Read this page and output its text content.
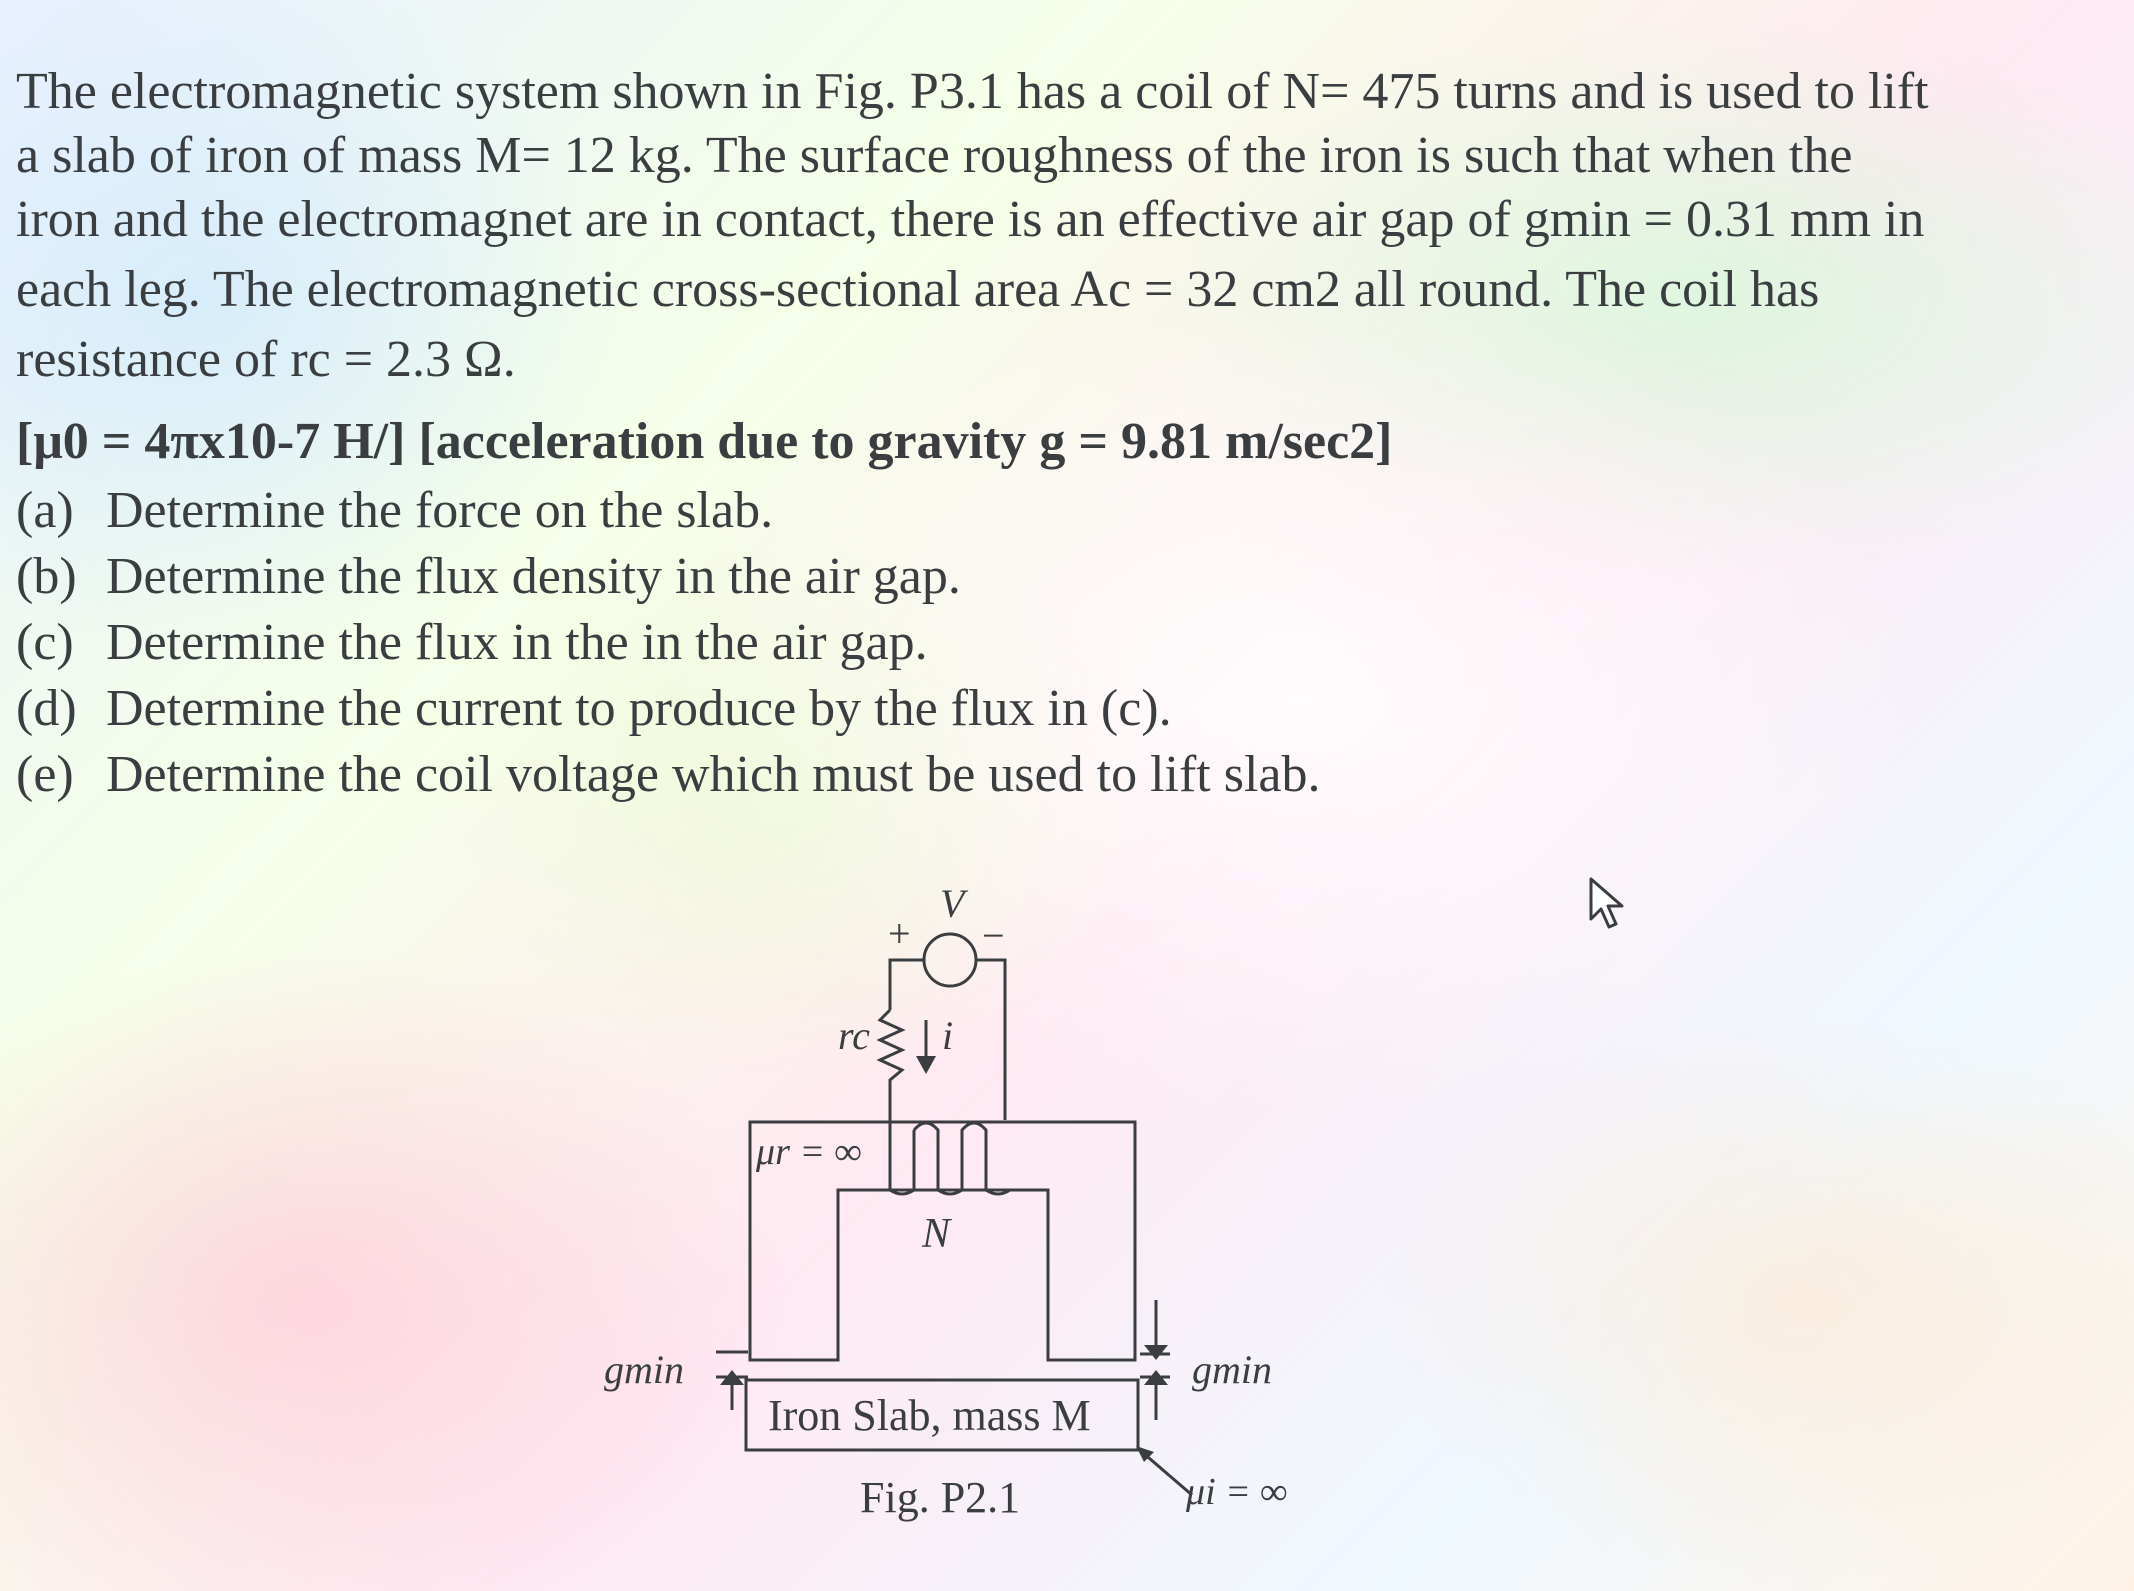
The electromagnetic system shown in Fig. P3.1 has a coil of N= 475 turns and is used to lift
a slab of iron of mass M= 12 kg. The surface roughness of the iron is such that when the
iron and the electromagnet are in contact, there is an effective air gap of gmin = 0.31 mm in
each leg. The electromagnetic cross-sectional area Ac = 32 cm2 all round. The coil has
resistance of rc = 2.3 Ω.
[μ0 = 4πx10-7 H/] [acceleration due to gravity g = 9.81 m/sec2]
(a) Determine the force on the slab.
(b) Determine the flux density in the air gap.
(c) Determine the flux in the in the air gap.
(d) Determine the current to produce by the flux in (c).
(e) Determine the coil voltage which must be used to lift slab.
V
+ −
rc i
μr = ∞
N
gmin	gmin
Iron Slab, mass M
μi = ∞
Fig. P2.1
